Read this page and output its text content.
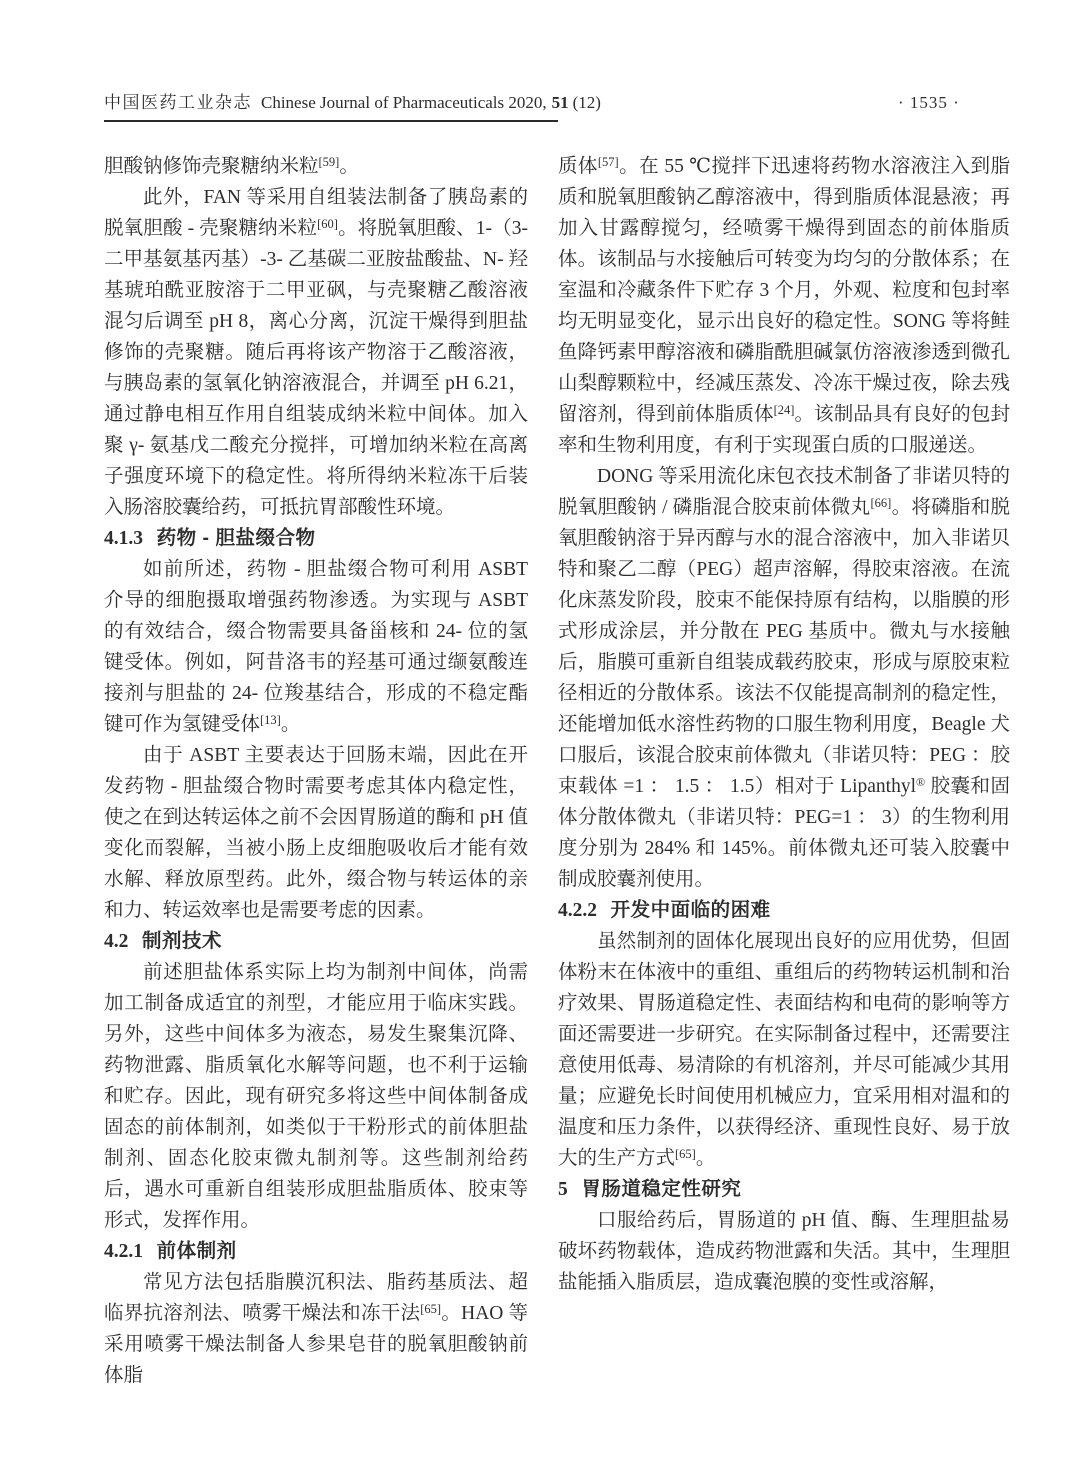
中国医药工业杂志 Chinese Journal of Pharmaceuticals 2020, 51 (12)	· 1535 ·

胆酸钠修饰壳聚糖纳米粒[59]。

此外，FAN 等采用自组装法制备了胰岛素的脱氧胆酸 - 壳聚糖纳米粒[60]。将脱氧胆酸、1-（3- 二甲基氨基丙基）-3- 乙基碳二亚胺盐酸盐、N- 羟基琥珀酰亚胺溶于二甲亚砜，与壳聚糖乙酸溶液混匀后调至 pH 8，离心分离，沉淀干燥得到胆盐修饰的壳聚糖。随后再将该产物溶于乙酸溶液，与胰岛素的氢氧化钠溶液混合，并调至 pH 6.21，通过静电相互作用自组装成纳米粒中间体。加入聚 γ- 氨基戊二酸充分搅拌，可增加纳米粒在高离子强度环境下的稳定性。将所得纳米粒冻干后装入肠溶胶囊给药，可抵抗胃部酸性环境。

4.1.3 药物 - 胆盐缀合物

如前所述，药物 - 胆盐缀合物可利用 ASBT 介导的细胞摄取增强药物渗透。为实现与 ASBT 的有效结合，缀合物需要具备甾核和 24- 位的氢键受体。例如，阿昔洛韦的羟基可通过缬氨酸连接剂与胆盐的 24- 位羧基结合，形成的不稳定酯键可作为氢键受体[13]。

由于 ASBT 主要表达于回肠末端，因此在开发药物 - 胆盐缀合物时需要考虑其体内稳定性，使之在到达转运体之前不会因胃肠道的酶和 pH 值变化而裂解，当被小肠上皮细胞吸收后才能有效水解、释放原型药。此外，缀合物与转运体的亲和力、转运效率也是需要考虑的因素。

4.2 制剂技术

前述胆盐体系实际上均为制剂中间体，尚需加工制备成适宜的剂型，才能应用于临床实践。另外，这些中间体多为液态，易发生聚集沉降、药物泄露、脂质氧化水解等问题，也不利于运输和贮存。因此，现有研究多将这些中间体制备成固态的前体制剂，如类似于干粉形式的前体胆盐制剂、固态化胶束微丸制剂等。这些制剂给药后，遇水可重新自组装形成胆盐脂质体、胶束等形式，发挥作用。

4.2.1 前体制剂

常见方法包括脂膜沉积法、脂药基质法、超临界抗溶剂法、喷雾干燥法和冻干法[65]。HAO 等采用喷雾干燥法制备人参果皂苷的脱氧胆酸钠前体脂

质体[57]。在 55 ℃搅拌下迅速将药物水溶液注入到脂质和脱氧胆酸钠乙醇溶液中，得到脂质体混悬液；再加入甘露醇搅匀，经喷雾干燥得到固态的前体脂质体。该制品与水接触后可转变为均匀的分散体系；在室温和冷藏条件下贮存 3 个月，外观、粒度和包封率均无明显变化，显示出良好的稳定性。SONG 等将鲑鱼降钙素甲醇溶液和磷脂酰胆碱氯仿溶液渗透到微孔山梨醇颗粒中，经减压蒸发、冷冻干燥过夜，除去残留溶剂，得到前体脂质体[24]。该制品具有良好的包封率和生物利用度，有利于实现蛋白质的口服递送。

DONG 等采用流化床包衣技术制备了非诺贝特的脱氧胆酸钠 / 磷脂混合胶束前体微丸[66]。将磷脂和脱氧胆酸钠溶于异丙醇与水的混合溶液中，加入非诺贝特和聚乙二醇（PEG）超声溶解，得胶束溶液。在流化床蒸发阶段，胶束不能保持原有结构，以脂膜的形式形成涂层，并分散在 PEG 基质中。微丸与水接触后，脂膜可重新自组装成载药胶束，形成与原胶束粒径相近的分散体系。该法不仅能提高制剂的稳定性，还能增加低水溶性药物的口服生物利用度，Beagle 犬口服后，该混合胶束前体微丸（非诺贝特：PEG ：胶束载体 =1 ： 1.5 ： 1.5）相对于 Lipanthyl® 胶囊和固体分散体微丸（非诺贝特：PEG=1 ： 3）的生物利用度分别为 284% 和 145%。前体微丸还可装入胶囊中制成胶囊剂使用。

4.2.2 开发中面临的困难

虽然制剂的固体化展现出良好的应用优势，但固体粉末在体液中的重组、重组后的药物转运机制和治疗效果、胃肠道稳定性、表面结构和电荷的影响等方面还需要进一步研究。在实际制备过程中，还需要注意使用低毒、易清除的有机溶剂，并尽可能减少其用量；应避免长时间使用机械应力，宜采用相对温和的温度和压力条件，以获得经济、重现性良好、易于放大的生产方式[65]。

5 胃肠道稳定性研究

口服给药后，胃肠道的 pH 值、酶、生理胆盐易破坏药物载体，造成药物泄露和失活。其中，生理胆盐能插入脂质层，造成囊泡膜的变性或溶解，
